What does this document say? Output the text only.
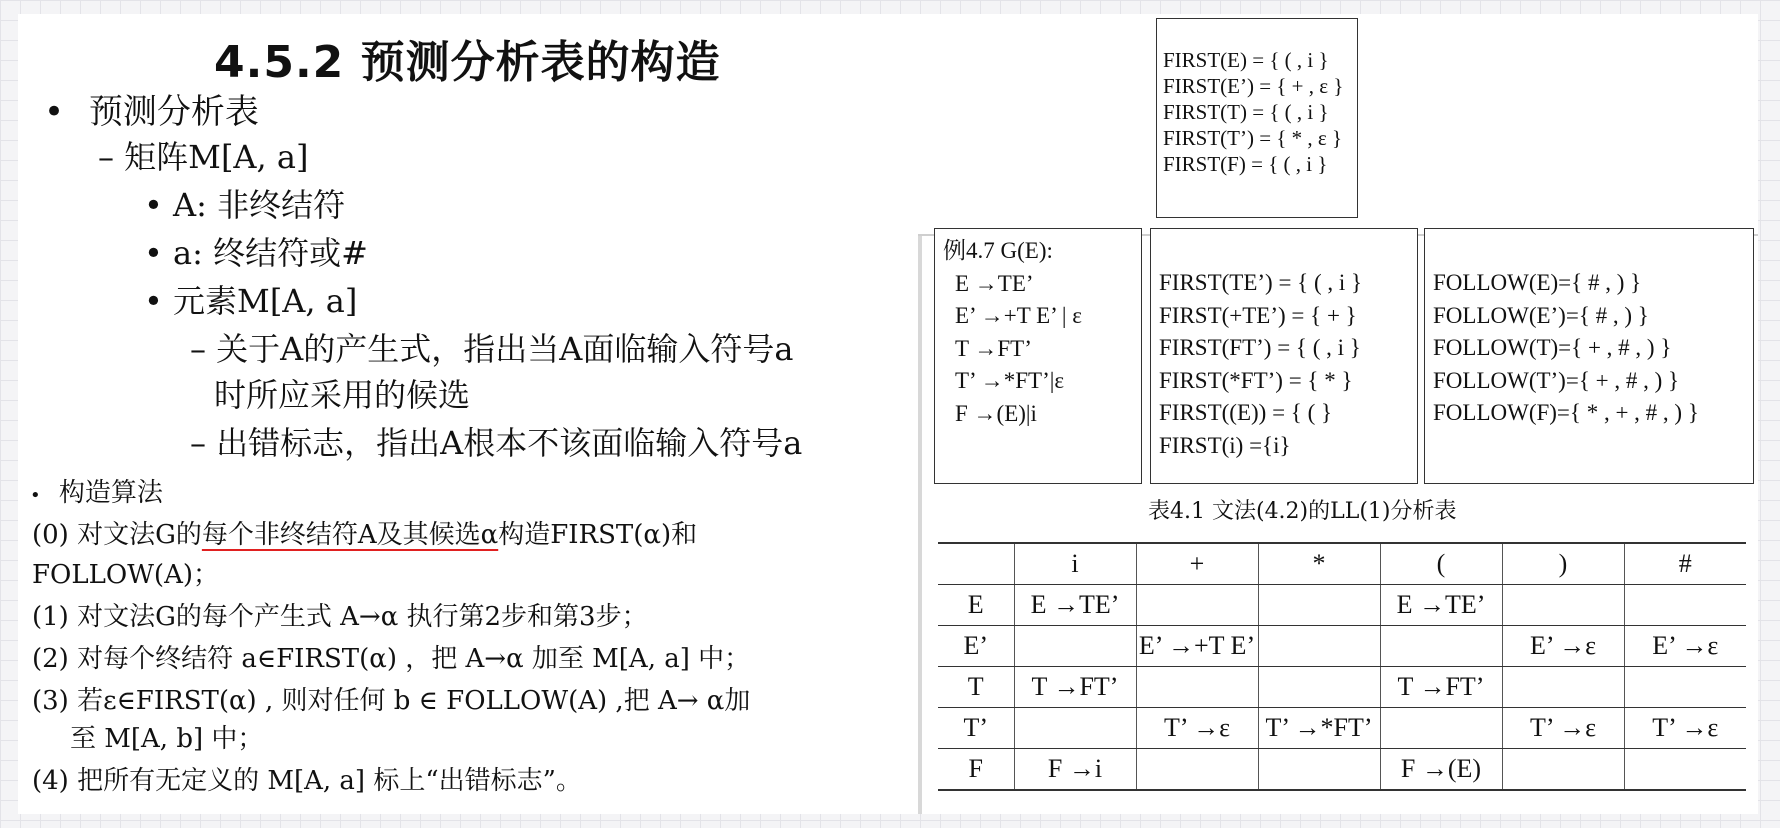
4.5.2 预测分析表的构造
• 预测分析表
– 矩阵M[A, a]
• A: 非终结符
• a: 终结符或#
• 元素M[A, a]
– 关于A的产生式，指出当A面临输入符号a
时所应采用的候选
– 出错标志，指出A根本不该面临输入符号a
• 构造算法
(0) 对文法G的每个非终结符A及其候选α构造FIRST(α)和
FOLLOW(A)；
(1) 对文法G的每个产生式 A→α 执行第2步和第3步；
(2) 对每个终结符 a∈FIRST(α) ，把 A→α 加至 M[A, a] 中；
(3) 若ε∈FIRST(α) , 则对任何 b ∈ FOLLOW(A) ,把 A→ α加
至 M[A, b] 中；
(4) 把所有无定义的 M[A, a] 标上“出错标志”。
FIRST(E) = { ( , i }
FIRST(E’) = { + , ε }
FIRST(T) = { ( , i }
FIRST(T’) = { * , ε }
FIRST(F) = { ( , i }
例4.7 G(E):
E →TE’
E’ →+T E’ | ε
T →FT’
T’ →*FT’|ε
F →(E)|i
FIRST(TE’) = { ( , i }
FIRST(+TE’) = { + }
FIRST(FT’) = { ( , i }
FIRST(*FT’) = { * }
FIRST((E)) = { ( }
FIRST(i) ={i}
FOLLOW(E)={ # , ) }
FOLLOW(E’)={ # , ) }
FOLLOW(T)={ + , # , ) }
FOLLOW(T’)={ + , # , ) }
FOLLOW(F)={ * , + , # , ) }
表4.1 文法(4.2)的LL(1)分析表
	i	+	*	(	)	#
E	E →TE’			E →TE’		
E’		E’ →+T E’			E’ →ε	E’ →ε
T	T →FT’			T →FT’		
T’		T’ →ε	T’ →*FT’		T’ →ε	T’ →ε
F	F →i			F →(E)		
